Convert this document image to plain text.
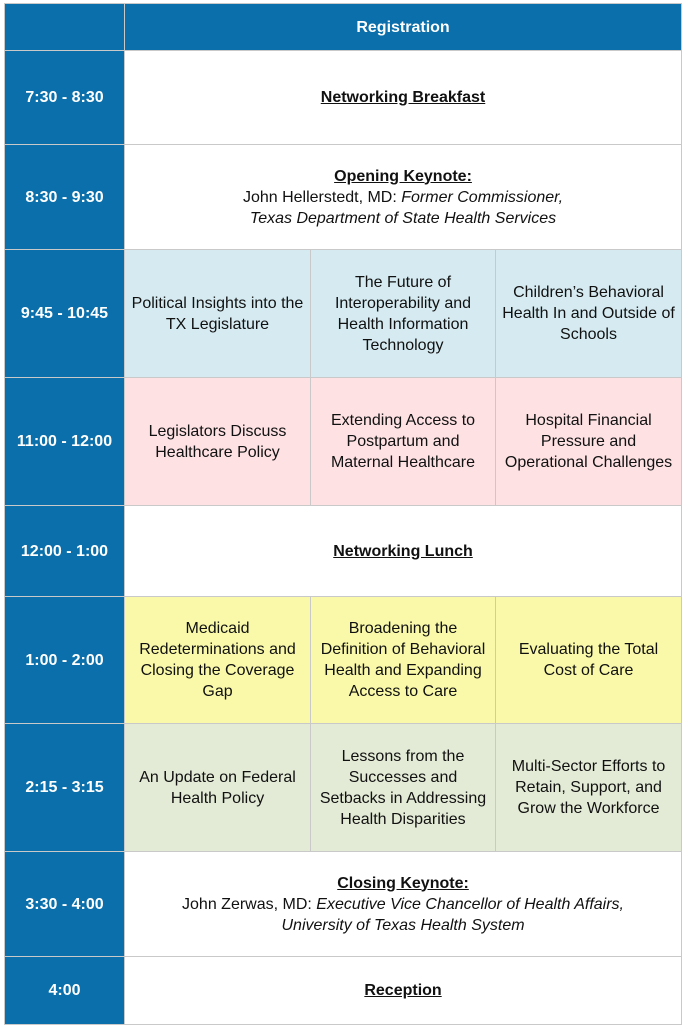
	Registration		
7:30 - 8:30	Networking Breakfast		
8:30 - 9:30	Opening Keynote:
John Hellerstedt, MD: Former Commissioner,
Texas Department of State Health Services		

9:45 - 10:45	Political Insights into the TX Legislature	The Future of Interoperability and Health Information Technology	Children’s Behavioral Health In and Outside of Schools
11:00 - 12:00	Legislators Discuss Healthcare Policy	Extending Access to Postpartum and Maternal Healthcare	Hospital Financial Pressure and Operational Challenges
12:00 - 1:00	Networking Lunch		
1:00 - 2:00	Medicaid Redeterminations and Closing the Coverage Gap	Broadening the Definition of Behavioral Health and Expanding Access to Care	Evaluating the Total Cost of Care
2:15 - 3:15	An Update on Federal Health Policy	Lessons from the Successes and Setbacks in Addressing Health Disparities	Multi-Sector Efforts to Retain, Support, and Grow the Workforce
3:30 - 4:00	Closing Keynote:
John Zerwas, MD: Executive Vice Chancellor of Health Affairs,
University of Texas Health System		

4:00	Reception		
